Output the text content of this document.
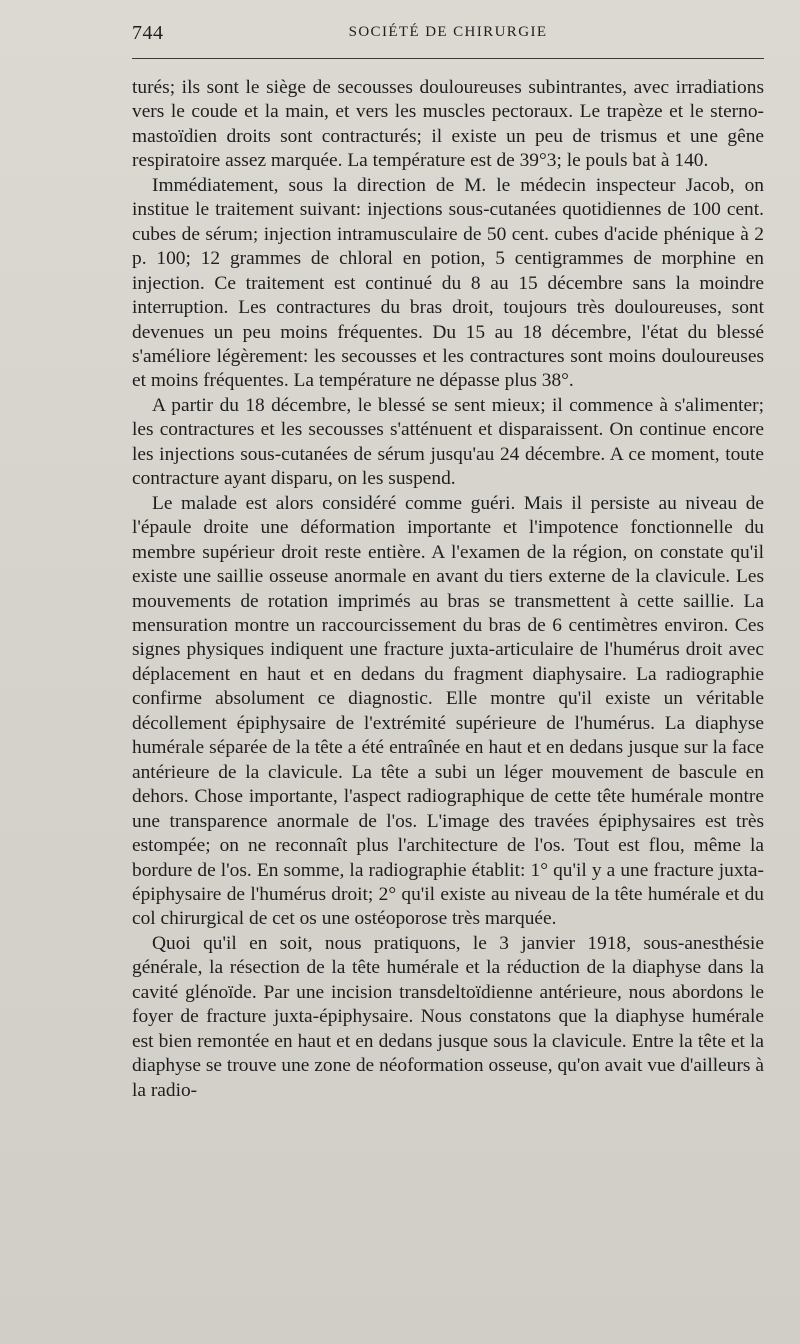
744	SOCIÉTÉ DE CHIRURGIE

turés; ils sont le siège de secousses douloureuses subintrantes, avec irradiations vers le coude et la main, et vers les muscles pectoraux. Le trapèze et le sterno-mastoïdien droits sont contracturés; il existe un peu de trismus et une gêne respiratoire assez marquée. La température est de 39°3; le pouls bat à 140.

Immédiatement, sous la direction de M. le médecin inspecteur Jacob, on institue le traitement suivant: injections sous-cutanées quotidiennes de 100 cent. cubes de sérum; injection intramusculaire de 50 cent. cubes d'acide phénique à 2 p. 100; 12 grammes de chloral en potion, 5 centigrammes de morphine en injection. Ce traitement est continué du 8 au 15 décembre sans la moindre interruption. Les contractures du bras droit, toujours très douloureuses, sont devenues un peu moins fréquentes. Du 15 au 18 décembre, l'état du blessé s'améliore légèrement: les secousses et les contractures sont moins douloureuses et moins fréquentes. La température ne dépasse plus 38°.

A partir du 18 décembre, le blessé se sent mieux; il commence à s'alimenter; les contractures et les secousses s'atténuent et disparaissent. On continue encore les injections sous-cutanées de sérum jusqu'au 24 décembre. A ce moment, toute contracture ayant disparu, on les suspend.

Le malade est alors considéré comme guéri. Mais il persiste au niveau de l'épaule droite une déformation importante et l'impotence fonctionnelle du membre supérieur droit reste entière. A l'examen de la région, on constate qu'il existe une saillie osseuse anormale en avant du tiers externe de la clavicule. Les mouvements de rotation imprimés au bras se transmettent à cette saillie. La mensuration montre un raccourcissement du bras de 6 centimètres environ. Ces signes physiques indiquent une fracture juxta-articulaire de l'humérus droit avec déplacement en haut et en dedans du fragment diaphysaire. La radiographie confirme absolument ce diagnostic. Elle montre qu'il existe un véritable décollement épiphysaire de l'extrémité supérieure de l'humérus. La diaphyse humérale séparée de la tête a été entraînée en haut et en dedans jusque sur la face antérieure de la clavicule. La tête a subi un léger mouvement de bascule en dehors. Chose importante, l'aspect radiographique de cette tête humérale montre une transparence anormale de l'os. L'image des travées épiphysaires est très estompée; on ne reconnaît plus l'architecture de l'os. Tout est flou, même la bordure de l'os. En somme, la radiographie établit: 1° qu'il y a une fracture juxta-épiphysaire de l'humérus droit; 2° qu'il existe au niveau de la tête humérale et du col chirurgical de cet os une ostéoporose très marquée.

Quoi qu'il en soit, nous pratiquons, le 3 janvier 1918, sous-anesthésie générale, la résection de la tête humérale et la réduction de la diaphyse dans la cavité glénoïde. Par une incision transdeltoïdienne antérieure, nous abordons le foyer de fracture juxta-épiphysaire. Nous constatons que la diaphyse humérale est bien remontée en haut et en dedans jusque sous la clavicule. Entre la tête et la diaphyse se trouve une zone de néoformation osseuse, qu'on avait vue d'ailleurs à la radio-
